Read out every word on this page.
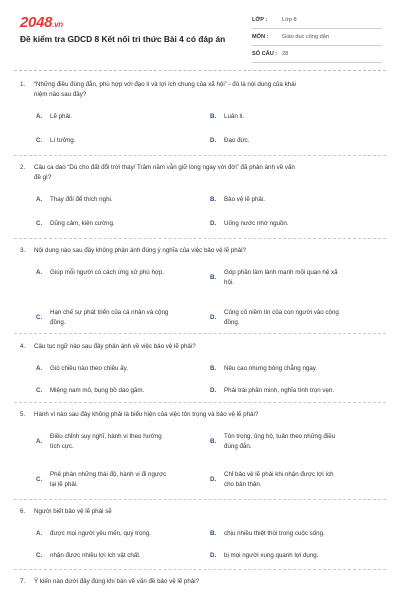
2048.vn
Đề kiểm tra GDCD 8 Kết nối tri thức Bài 4 có đáp án
LỚP :	Lớp 8
MÔN :	Giáo dục công dân
SỐ CÂU : 28
1.	“Những điều đúng đắn, phù hợp với đạo lí và lợi ích chung của xã hội” - đó là nội dung của khái
niệm nào sau đây?
A.	Lẽ phải.	B.	Luân lí.
C.	Lí tưởng.	D.	Đạo đức.
2.	Câu ca dao “Dù cho đất đổi trời thay/ Trăm năm vẫn giữ lòng ngay với đời” đã phản ánh về vấn
đề gì?
A.	Thay đổi để thích nghi.	B.	Bảo vệ lẽ phải.
C.	Dũng cảm, kiên cường.	D.	Uống nước nhớ nguồn.
3.	Nội dung nào sau đây không phản ánh đúng ý nghĩa của việc bảo vệ lẽ phải?
A.	Giúp mỗi người có cách ứng xử phù hợp.
B.
Góp phần làm lành mạnh mối quan hệ xã
hội.
C.
Hạn chế sự phát triển của cá nhân và cộng
đồng.
D.
Củng cố niềm tin của con người vào cộng
đồng.
4.	Câu tục ngữ nào sau đây phản ánh về việc bảo vệ lẽ phải?
A.	Gió chiều nào theo chiều ấy.	B.	Nêu cao nhưng bóng chẳng ngay.
C.	Miệng nam mô, bụng bồ dao găm.	D.	Phải trái phân minh, nghĩa tình trọn vẹn.
5.	Hành vi nào sau đây không phải là biểu hiện của việc tôn trọng và bảo vệ lẽ phải?
A.
Điều chỉnh suy nghĩ, hành vi theo hướng
tích cực.
B.
Tôn trọng, ủng hộ, tuân theo những điều
đúng đắn.
C.
Phê phán những thái độ, hành vi đi ngược
lại lẽ phải.
D.
Chỉ bảo vệ lẽ phải khi nhận được lợi ích
cho bản thân.
6.	Người biết bảo vệ lẽ phải sẽ
A.	được mọi người yêu mến, quý trọng.	B.	chịu nhiều thiệt thòi trong cuộc sống.
C.	nhận được nhiều lợi ích vật chất.	D.	bị mọi người xung quanh lợi dụng.
7.	Ý kiến nào dưới đây đúng khi bàn về vấn đề bảo vệ lẽ phải?
